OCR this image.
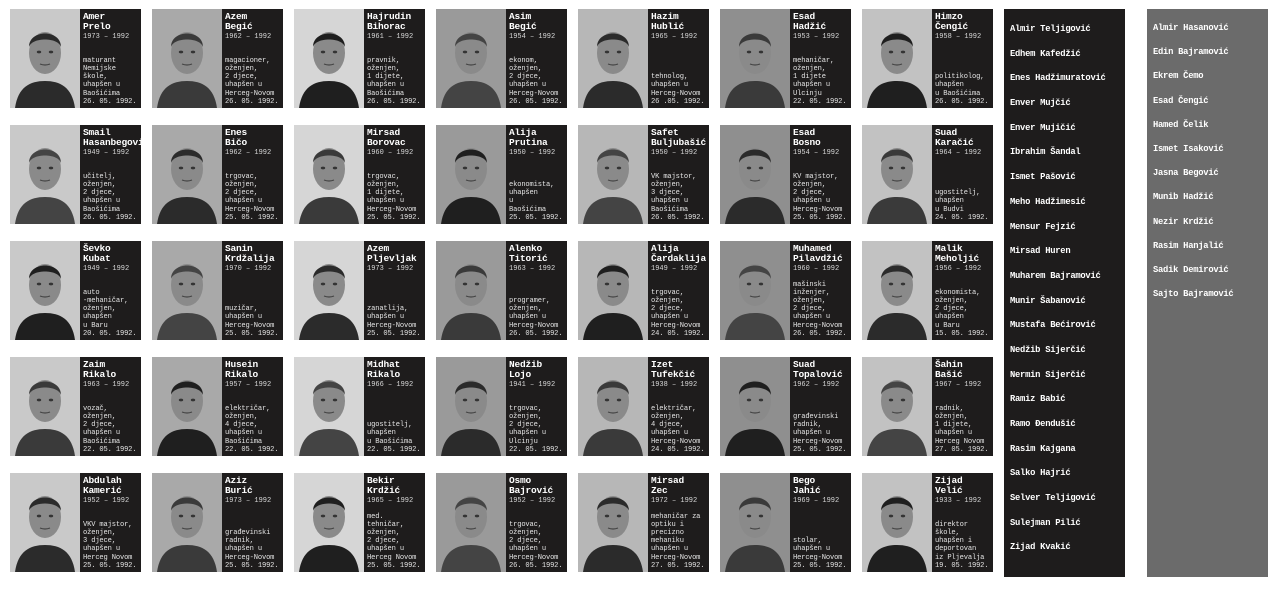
Amer
Prelo
1973 – 1992
maturant
Nemijske
škole,
uhapšen u
Baošićima
26. 05. 1992.
Azem
Begić
1962 – 1992
magacioner,
oženjen,
2 djece,
uhapšen u
Herceg-Novom
26. 05. 1992.
Hajrudin
Bihorac
1961 – 1992
pravnik,
oženjen,
1 dijete,
uhapšen u
Baošićima
26. 05. 1992.
Asim
Begić
1954 – 1992
ekonom,
oženjen,
2 djece,
uhapšen u
Herceg-Novom
26. 05. 1992.
Hazim
Hublić
1965 – 1992
tehnolog,
uhapšen u
Herceg-Novom
26 .05. 1992.
Esad
Hadžić
1953 – 1992
mehaničar,
oženjen,
1 dijete
uhapšen u
Ulcinju
22. 05. 1992.
Himzo
Čengić
1958 – 1992
politikolog,
uhapšen
u Baošićima
26. 05. 1992.
Smail
Hasanbegović
1949 – 1992
učitelj,
oženjen,
2 djece,
uhapšen u
Baošićima
26. 05. 1992.
Enes
Bičo
1962 – 1992
trgovac,
oženjen,
2 djece,
uhapšen u
Herceg-Novom
25. 05. 1992.
Mirsad
Borovac
1960 – 1992
trgovac,
oženjen,
1 dijete,
uhapšen u
Herceg-Novom
25. 05. 1992.
Alija
Prutina
1950 – 1992
ekonomista,
uhapšen
u
Baošićima
25. 05. 1992.
Safet
Buljubašić
1950 – 1992
VK majstor,
oženjen,
3 djece,
uhapšen u
Baošićima
26. 05. 1992.
Esad
Bosno
1954 – 1992
KV majstor,
oženjen,
2 djece,
uhapšen u
Herceg-Novom
25. 05. 1992.
Suad
Karačić
1964 – 1992
ugostitelj,
uhapšen
u Budvi
24. 05. 1992.
Ševko
Kubat
1949 – 1992
auto
-mehaničar,
oženjen,
uhapšen
u Baru
20. 05. 1992.
Sanin
Krdžalija
1970 – 1992
muzičar,
uhapšen u
Herceg-Novom
25. 05. 1992.
Azem
Pljevljak
1973 – 1992
zanatlija,
uhapšen u
Herceg-Novom
25. 05. 1992.
Alenko
Titorić
1963 – 1992
programer,
oženjen,
uhapšen u
Herceg-Novom
26. 05. 1992.
Alija
Čardaklija
1949 – 1992
trgovac,
oženjen,
2 djece,
uhapšen u
Herceg-Novom
24. 05. 1992.
Muhamed
Pilavdžić
1960 – 1992
mašinski
inženjer,
oženjen,
2 djece,
uhapšen u
Herceg-Novom
26. 05. 1992.
Malik
Meholjić
1956 – 1992
ekonomista,
oženjen,
2 djece,
uhapšen
u Baru
15. 05. 1992.
Zaim
Rikalo
1963 – 1992
vozač,
oženjen,
2 djece,
uhapšen u
Baošićima
22. 05. 1992.
Husein
Rikalo
1957 – 1992
električar,
oženjen,
4 djece,
uhapšen u
Baošićima
22. 05. 1992.
Midhat
Rikalo
1966 – 1992
ugostitelj,
uhapšen
u Baošićima
22. 05. 1992.
Nedžib
Lojo
1941 – 1992
trgovac,
oženjen,
2 djece,
uhapšen u
Ulcinju
22. 05. 1992.
Izet
Tufekčić
1938 – 1992
električar,
oženjen,
4 djece,
uhapšen u
Herceg-Novom
24. 05. 1992.
Suad
Topalović
1962 – 1992
građevinski
radnik,
uhapšen u
Herceg-Novom
25. 05. 1992.
Šahin
Bašić
1967 – 1992
radnik,
oženjen,
1 dijete,
uhapšen u
Herceg Novom
27. 05. 1992.
Abdulah
Kamerić
1952 – 1992
VKV majstor,
oženjen,
3 djece,
uhapšen u
Herceg Novom
25. 05. 1992.
Aziz
Burić
1973 – 1992
građevinski
radnik,
uhapšen u
Herceg-Novom
25. 05. 1992.
Bekir
Krdžić
1965 – 1992
med. tehničar,
oženjen,
2 djece,
uhapšen u
Herceg Novom
25. 05. 1992.
Osmo
Bajrović
1952 – 1992
trgovac,
oženjen,
2 djece,
uhapšen u
Herceg-Novom
26. 05. 1992.
Mirsad
Zec
1972 – 1992
mehaničar za
optiku i
precizno mehaniku
uhapšen u
Herceg-Novom
27. 05. 1992.
Bego
Jahić
1969 – 1992
stolar,
uhapšen u
Herceg-Novom
25. 05. 1992.
Zijad
Velić
1933 – 1992
direktor
škole,
uhapšen i
deportovan
iz Pljevalja
19. 05. 1992.
Almir Teljigović
Edhem Kafedžić
Enes Hadžimuratović
Enver Mujčić
Enver Mujičić
Ibrahim Šandal
Ismet Pašović
Meho Hadžimesić
Mensur Fejzić
Mirsad Huren
Muharem Bajramović
Munir Šabanović
Mustafa Bećirović
Nedžib Sijerčić
Nermin Sijerčić
Ramiz Babić
Ramo Đendušić
Rasim Kajgana
Salko Hajrić
Selver Teljigović
Sulejman Pilić
Zijad Kvakić
Almir Hasanović
Edin Bajramović
Ekrem Čemo
Esad Čengić
Hamed Čelik
Ismet Isaković
Jasna Begović
Munib Hadžić
Nezir Krdžić
Rasim Hanjalić
Sadik Demirović
Sajto Bajramović
